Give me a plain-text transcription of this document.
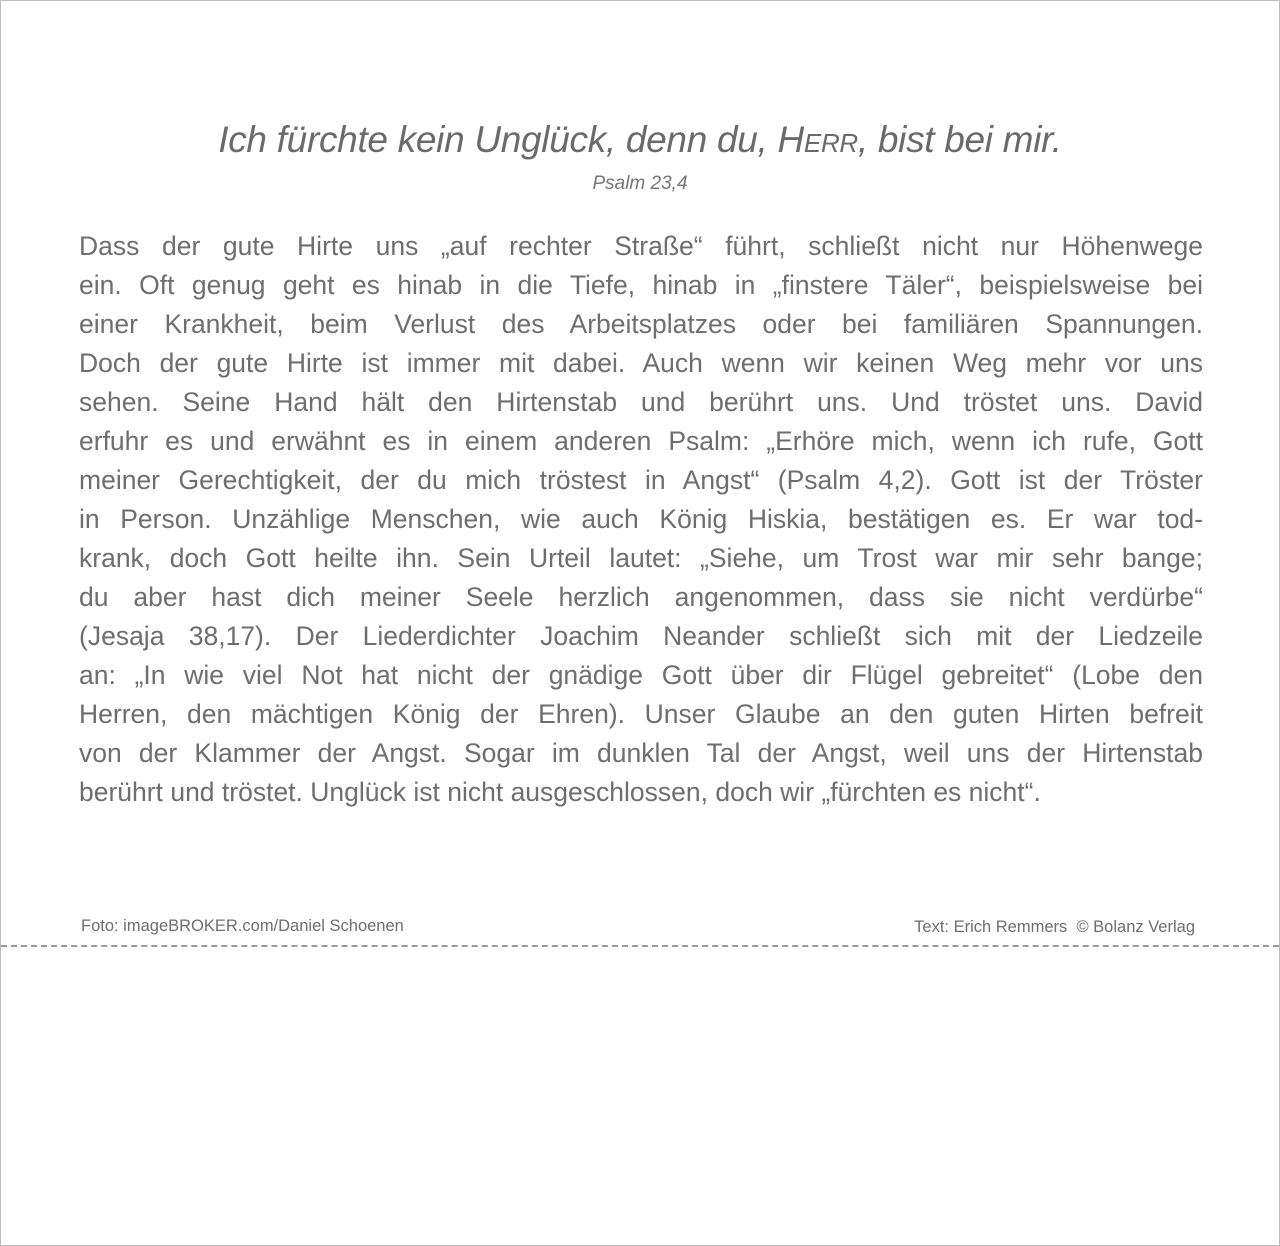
Ich fürchte kein Unglück, denn du, HERR, bist bei mir.
Psalm 23,4
Dass der gute Hirte uns „auf rechter Straße“ führt, schließt nicht nur Höhenwege
ein. Oft genug geht es hinab in die Tiefe, hinab in „finstere Täler“, beispielsweise bei
einer Krankheit, beim Verlust des Arbeitsplatzes oder bei familiären Spannungen.
Doch der gute Hirte ist immer mit dabei. Auch wenn wir keinen Weg mehr vor uns
sehen. Seine Hand hält den Hirtenstab und berührt uns. Und tröstet uns. David
erfuhr es und erwähnt es in einem anderen Psalm: „Erhöre mich, wenn ich rufe, Gott
meiner Gerechtigkeit, der du mich tröstest in Angst“ (Psalm 4,2). Gott ist der Tröster
in Person. Unzählige Menschen, wie auch König Hiskia, bestätigen es. Er war tod-
krank, doch Gott heilte ihn. Sein Urteil lautet: „Siehe, um Trost war mir sehr bange;
du aber hast dich meiner Seele herzlich angenommen, dass sie nicht verdürbe“
(Jesaja 38,17). Der Liederdichter Joachim Neander schließt sich mit der Liedzeile
an: „In wie viel Not hat nicht der gnädige Gott über dir Flügel gebreitet“ (Lobe den
Herren, den mächtigen König der Ehren). Unser Glaube an den guten Hirten befreit
von der Klammer der Angst. Sogar im dunklen Tal der Angst, weil uns der Hirtenstab
berührt und tröstet. Unglück ist nicht ausgeschlossen, doch wir „fürchten es nicht“.
Foto: imageBROKER.com/Daniel Schoenen	Text: Erich Remmers © Bolanz Verlag
